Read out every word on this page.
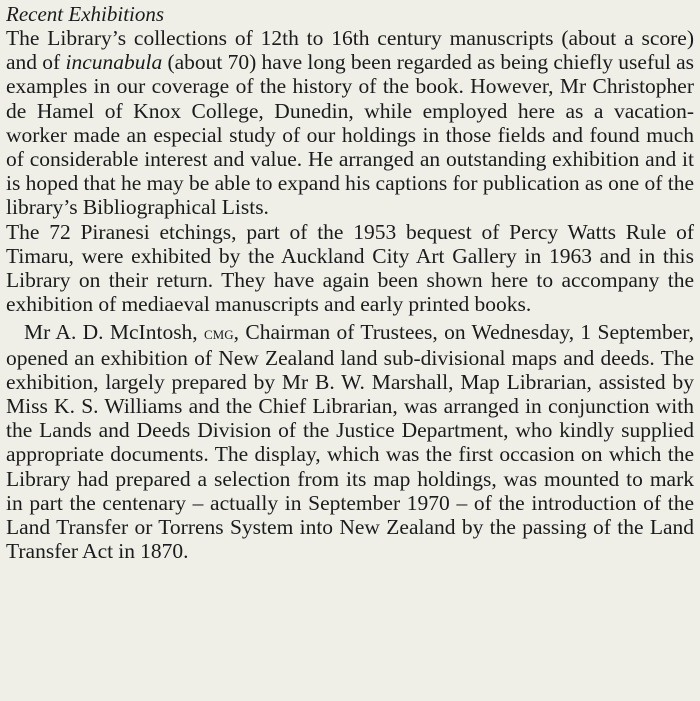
Recent Exhibitions

The Library’s collections of 12th to 16th century manuscripts (about a score) and of incunabula (about 70) have long been regarded as being chiefly useful as examples in our coverage of the history of the book. However, Mr Christopher de Hamel of Knox College, Dunedin, while employed here as a vacation-worker made an especial study of our holdings in those fields and found much of considerable interest and value. He arranged an outstanding exhibition and it is hoped that he may be able to expand his captions for publication as one of the library’s Bibliographical Lists.

The 72 Piranesi etchings, part of the 1953 bequest of Percy Watts Rule of Timaru, were exhibited by the Auckland City Art Gallery in 1963 and in this Library on their return. They have again been shown here to accompany the exhibition of mediaeval manuscripts and early printed books.

Mr A. D. McIntosh, cmg, Chairman of Trustees, on Wednesday, 1 September, opened an exhibition of New Zealand land sub-divisional maps and deeds. The exhibition, largely prepared by Mr B. W. Marshall, Map Librarian, assisted by Miss K. S. Williams and the Chief Librarian, was arranged in conjunction with the Lands and Deeds Division of the Justice Department, who kindly supplied appropriate documents. The display, which was the first occasion on which the Library had prepared a selection from its map holdings, was mounted to mark in part the centenary – actually in September 1970 – of the introduction of the Land Transfer or Torrens System into New Zealand by the passing of the Land Transfer Act in 1870.
